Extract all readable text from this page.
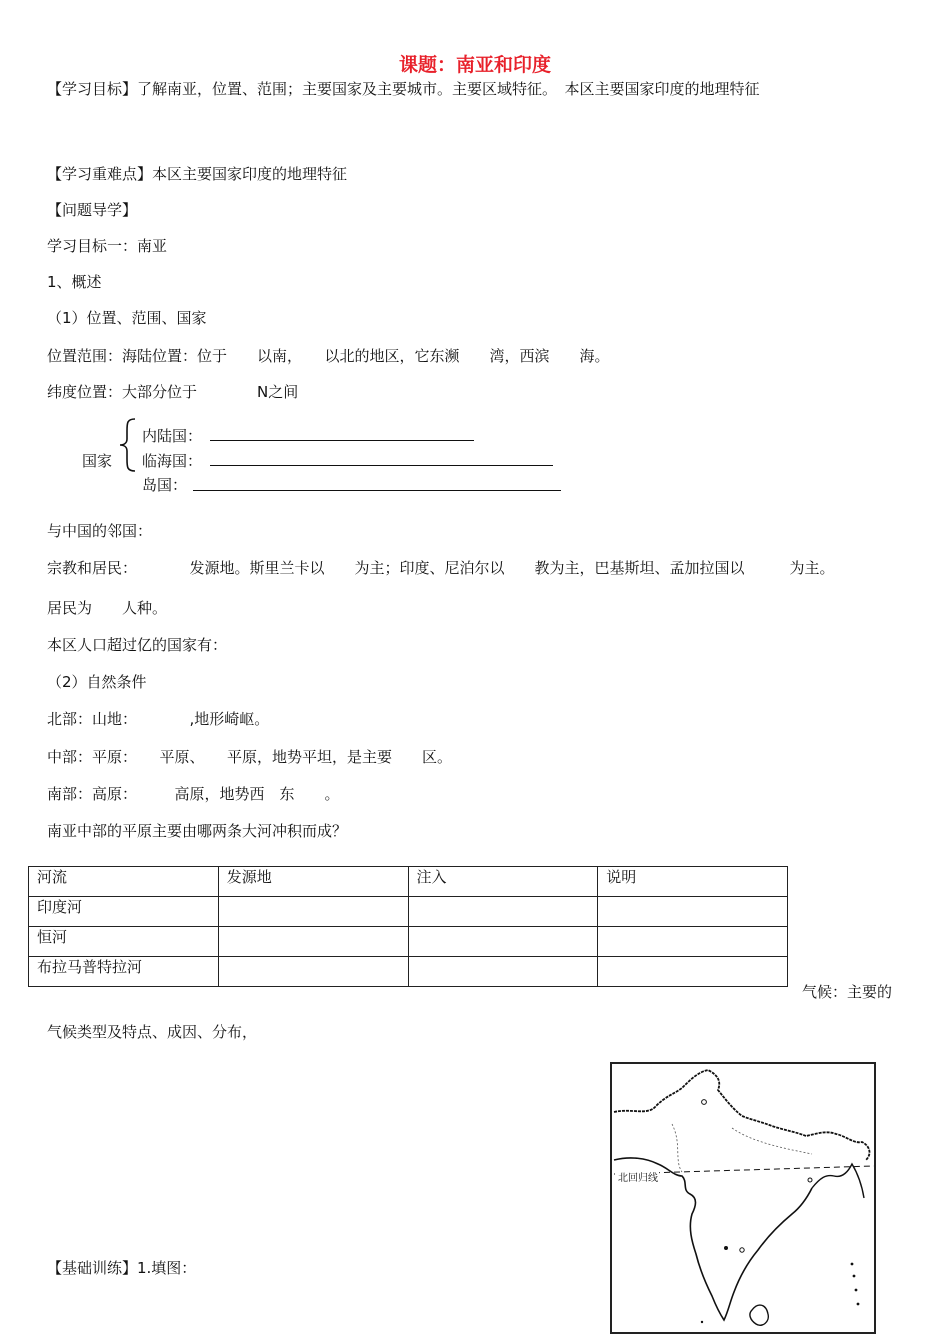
课题：南亚和印度
【学习目标】了解南亚，位置、范围；主要国家及主要城市。主要区域特征。　本区主要国家印度的地理特征
【学习重难点】本区主要国家印度的地理特征
【问题导学】
学习目标一：南亚
1、概述
（1）位置、范围、国家
位置范围：海陆位置：位于　　以南，　　以北的地区，它东濒　　湾，西滨　　海。
纬度位置：大部分位于　　　　N之间
国家
内陆国：
临海国：
岛国：
与中国的邻国：
宗教和居民：　　　　发源地。斯里兰卡以　　为主；印度、尼泊尔以　　教为主，巴基斯坦、孟加拉国以　　　为主。
居民为　　人种。
本区人口超过亿的国家有：
（2）自然条件
北部：山地：　　　　,地形崎岖。
中部：平原：　　平原、　　平原，地势平坦，是主要　　区。
南部：高原：　　　高原，地势西　东　　。
南亚中部的平原主要由哪两条大河冲积而成？
河流	发源地	注入	说明
印度河			
恒河			
布拉马普特拉河			
气候：主要的
气候类型及特点、成因、分布，
【基础训练】1.填图：
北回归线
